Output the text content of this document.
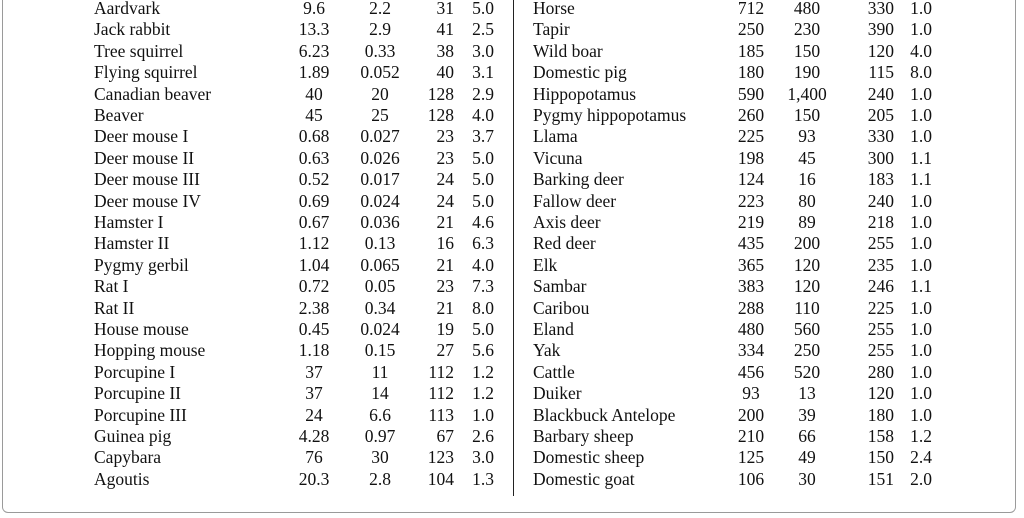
Aardvark	9.6	2.2	31	5.0
Jack rabbit	13.3	2.9	41	2.5
Tree squirrel	6.23	0.33	38	3.0
Flying squirrel	1.89	0.052	40	3.1
Canadian beaver	40	20	128	2.9
Beaver	45	25	128	4.0
Deer mouse I	0.68	0.027	23	3.7
Deer mouse II	0.63	0.026	23	5.0
Deer mouse III	0.52	0.017	24	5.0
Deer mouse IV	0.69	0.024	24	5.0
Hamster I	0.67	0.036	21	4.6
Hamster II	1.12	0.13	16	6.3
Pygmy gerbil	1.04	0.065	21	4.0
Rat I	0.72	0.05	23	7.3
Rat II	2.38	0.34	21	8.0
House mouse	0.45	0.024	19	5.0
Hopping mouse	1.18	0.15	27	5.6
Porcupine I	37	11	112	1.2
Porcupine II	37	14	112	1.2
Porcupine III	24	6.6	113	1.0
Guinea pig	4.28	0.97	67	2.6
Capybara	76	30	123	3.0
Agoutis	20.3	2.8	104	1.3
Horse	712	480	330 1.0
Tapir	250	230	390 1.0
Wild boar	185	150	120 4.0
Domestic pig	180	190	115 8.0
Hippopotamus	590	1,400	240 1.0
Pygmy hippopotamus	260	150	205 1.0
Llama	225	93	330 1.0
Vicuna	198	45	300 1.1
Barking deer	124	16	183 1.1
Fallow deer	223	80	240 1.0
Axis deer	219	89	218 1.0
Red deer	435	200	255 1.0
Elk	365	120	235 1.0
Sambar	383	120	246 1.1
Caribou	288	110	225 1.0
Eland	480	560	255 1.0
Yak	334	250	255 1.0
Cattle	456	520	280 1.0
Duiker	93	13	120 1.0
Blackbuck Antelope	200	39	180 1.0
Barbary sheep	210	66	158 1.2
Domestic sheep	125	49	150 2.4
Domestic goat	106	30	151 2.0
